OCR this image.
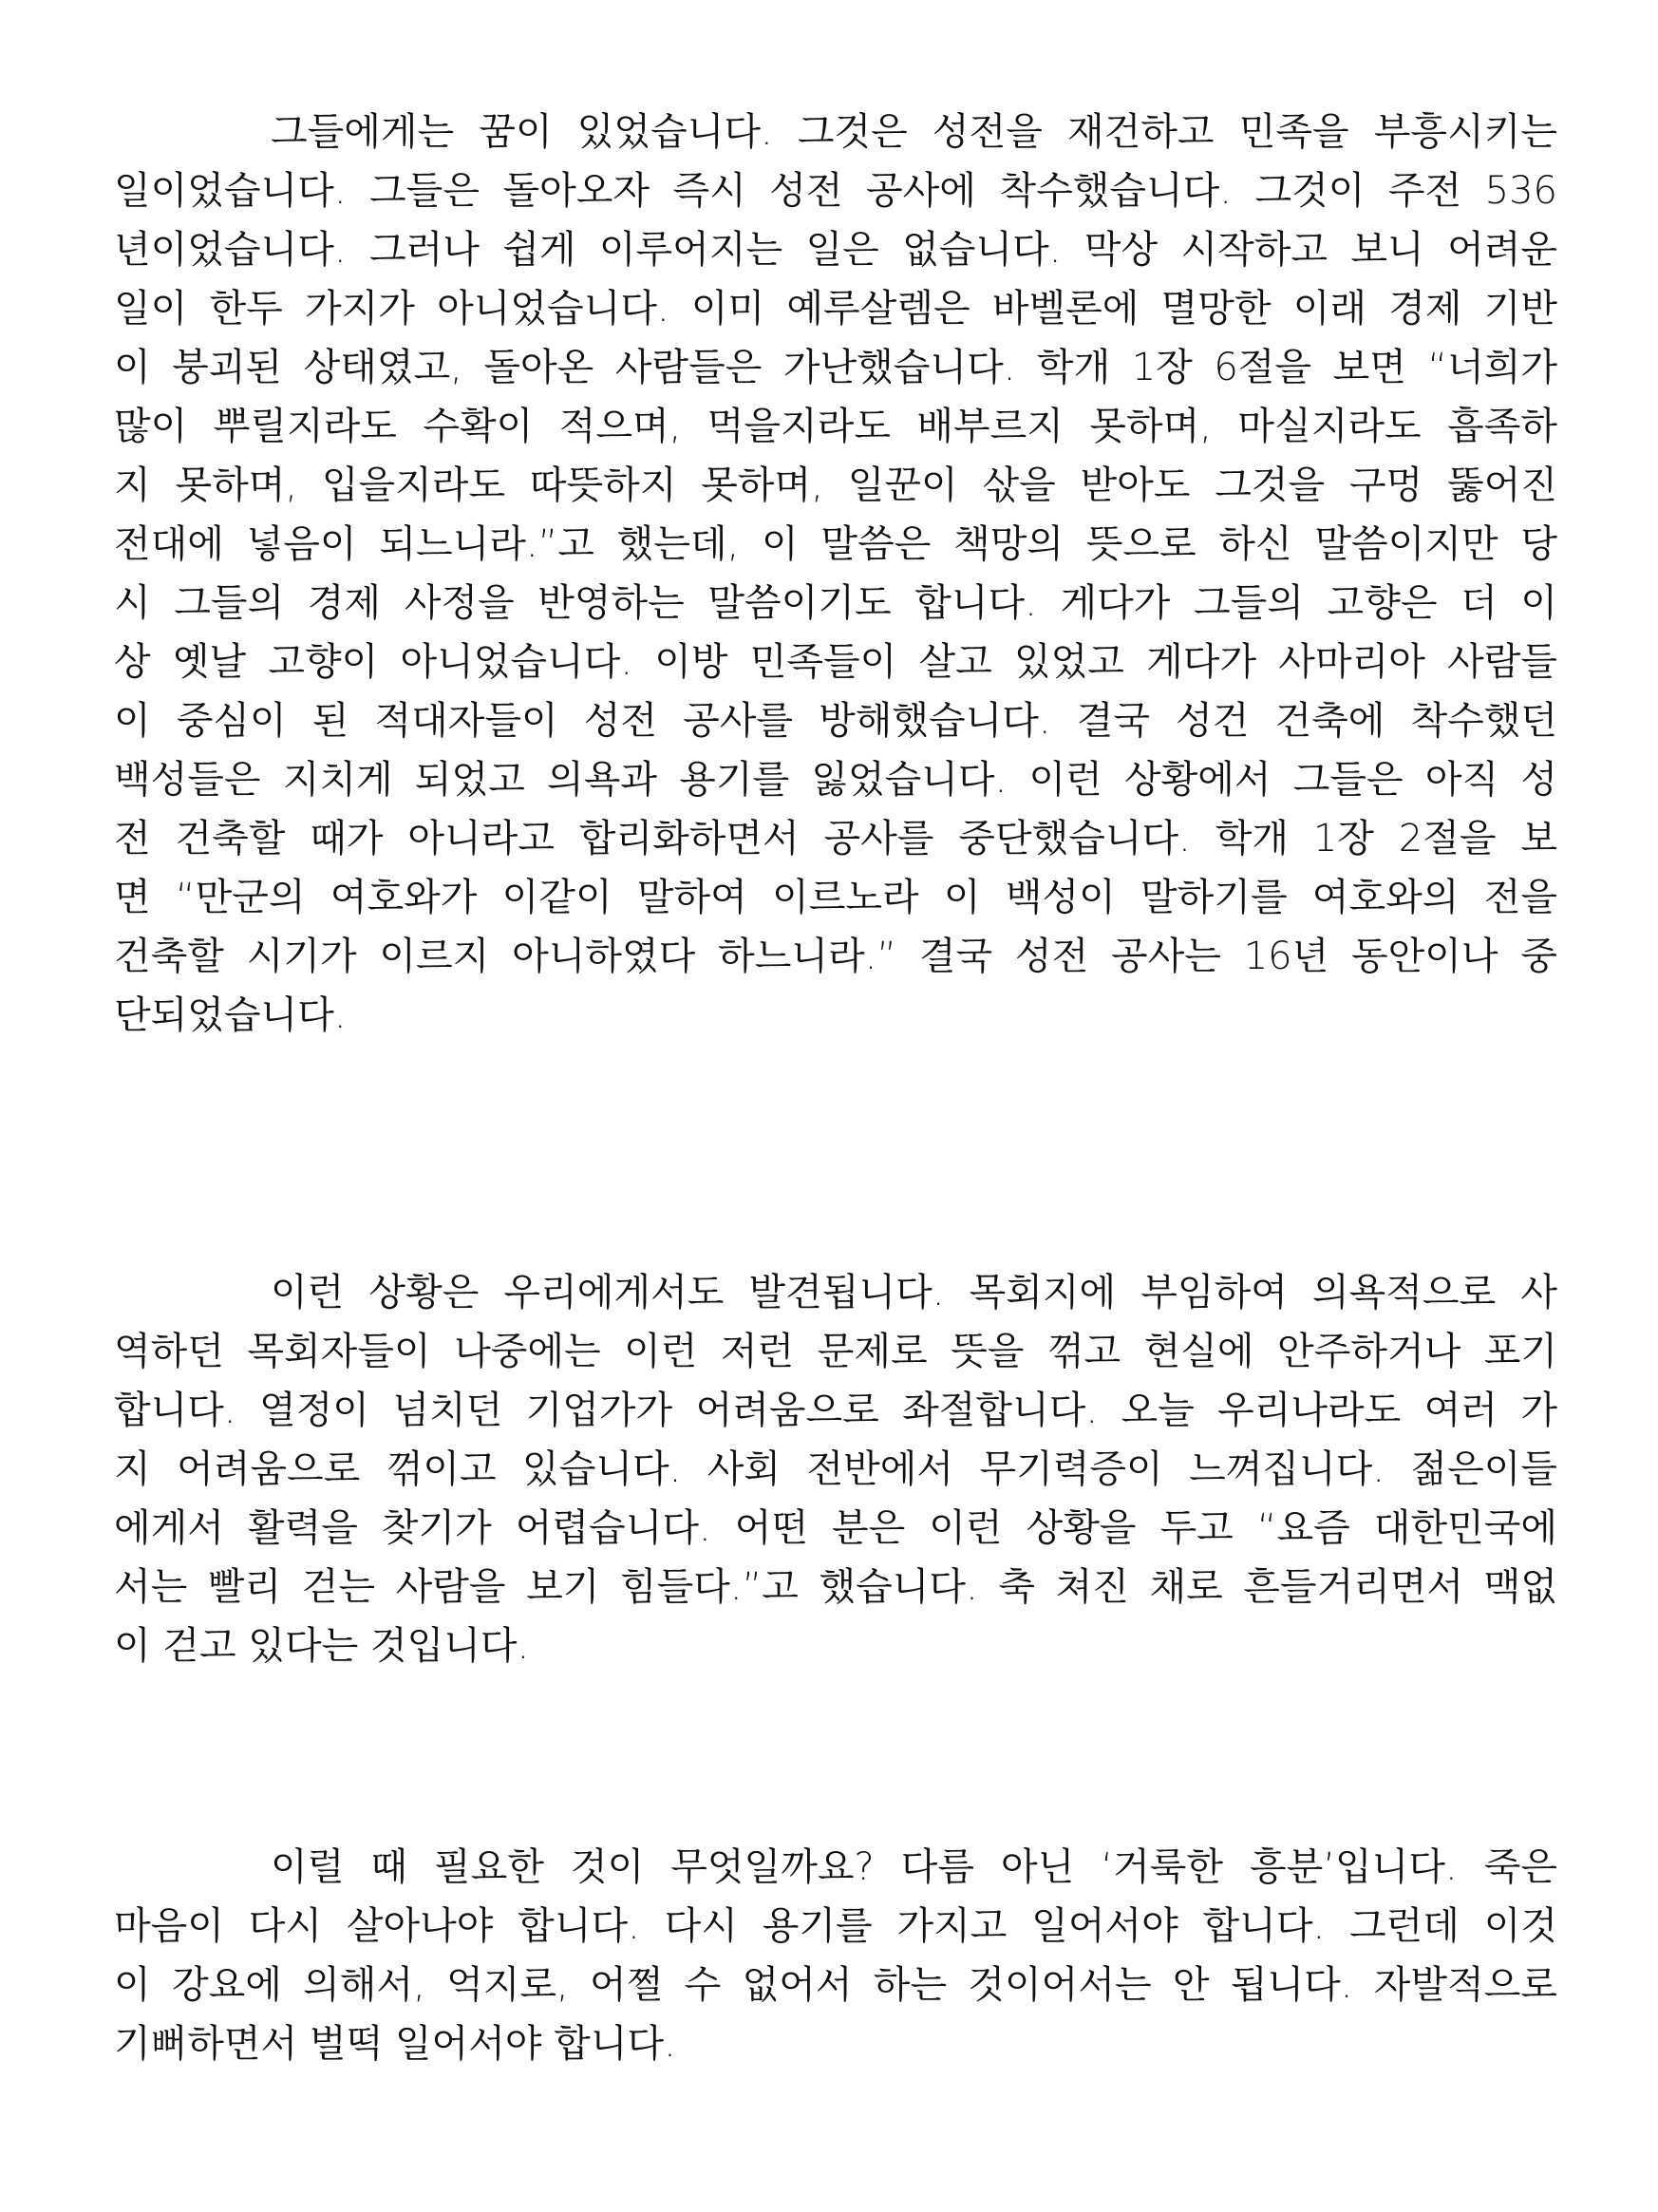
그들에게는 꿈이 있었습니다. 그것은 성전을 재건하고 민족을 부흥시키는
일이었습니다. 그들은 돌아오자 즉시 성전 공사에 착수했습니다. 그것이 주전 536
년이었습니다. 그러나 쉽게 이루어지는 일은 없습니다. 막상 시작하고 보니 어려운
일이 한두 가지가 아니었습니다. 이미 예루살렘은 바벨론에 멸망한 이래 경제 기반
이 붕괴된 상태였고, 돌아온 사람들은 가난했습니다. 학개 1장 6절을 보면 “너희가
많이 뿌릴지라도 수확이 적으며, 먹을지라도 배부르지 못하며, 마실지라도 흡족하
지 못하며, 입을지라도 따뜻하지 못하며, 일꾼이 삯을 받아도 그것을 구멍 뚫어진
전대에 넣음이 되느니라.”고 했는데, 이 말씀은 책망의 뜻으로 하신 말씀이지만 당
시 그들의 경제 사정을 반영하는 말씀이기도 합니다. 게다가 그들의 고향은 더 이
상 옛날 고향이 아니었습니다. 이방 민족들이 살고 있었고 게다가 사마리아 사람들
이 중심이 된 적대자들이 성전 공사를 방해했습니다. 결국 성건 건축에 착수했던
백성들은 지치게 되었고 의욕과 용기를 잃었습니다. 이런 상황에서 그들은 아직 성
전 건축할 때가 아니라고 합리화하면서 공사를 중단했습니다. 학개 1장 2절을 보
면 “만군의 여호와가 이같이 말하여 이르노라 이 백성이 말하기를 여호와의 전을
건축할 시기가 이르지 아니하였다 하느니라.” 결국 성전 공사는 16년 동안이나 중
단되었습니다.
이런 상황은 우리에게서도 발견됩니다. 목회지에 부임하여 의욕적으로 사
역하던 목회자들이 나중에는 이런 저런 문제로 뜻을 꺾고 현실에 안주하거나 포기
합니다. 열정이 넘치던 기업가가 어려움으로 좌절합니다. 오늘 우리나라도 여러 가
지 어려움으로 꺾이고 있습니다. 사회 전반에서 무기력증이 느껴집니다. 젊은이들
에게서 활력을 찾기가 어렵습니다. 어떤 분은 이런 상황을 두고 “요즘 대한민국에
서는 빨리 걷는 사람을 보기 힘들다.”고 했습니다. 축 쳐진 채로 흔들거리면서 맥없
이 걷고 있다는 것입니다.
이럴 때 필요한 것이 무엇일까요? 다름 아닌 ‘거룩한 흥분’입니다. 죽은
마음이 다시 살아나야 합니다. 다시 용기를 가지고 일어서야 합니다. 그런데 이것
이 강요에 의해서, 억지로, 어쩔 수 없어서 하는 것이어서는 안 됩니다. 자발적으로
기뻐하면서 벌떡 일어서야 합니다.
